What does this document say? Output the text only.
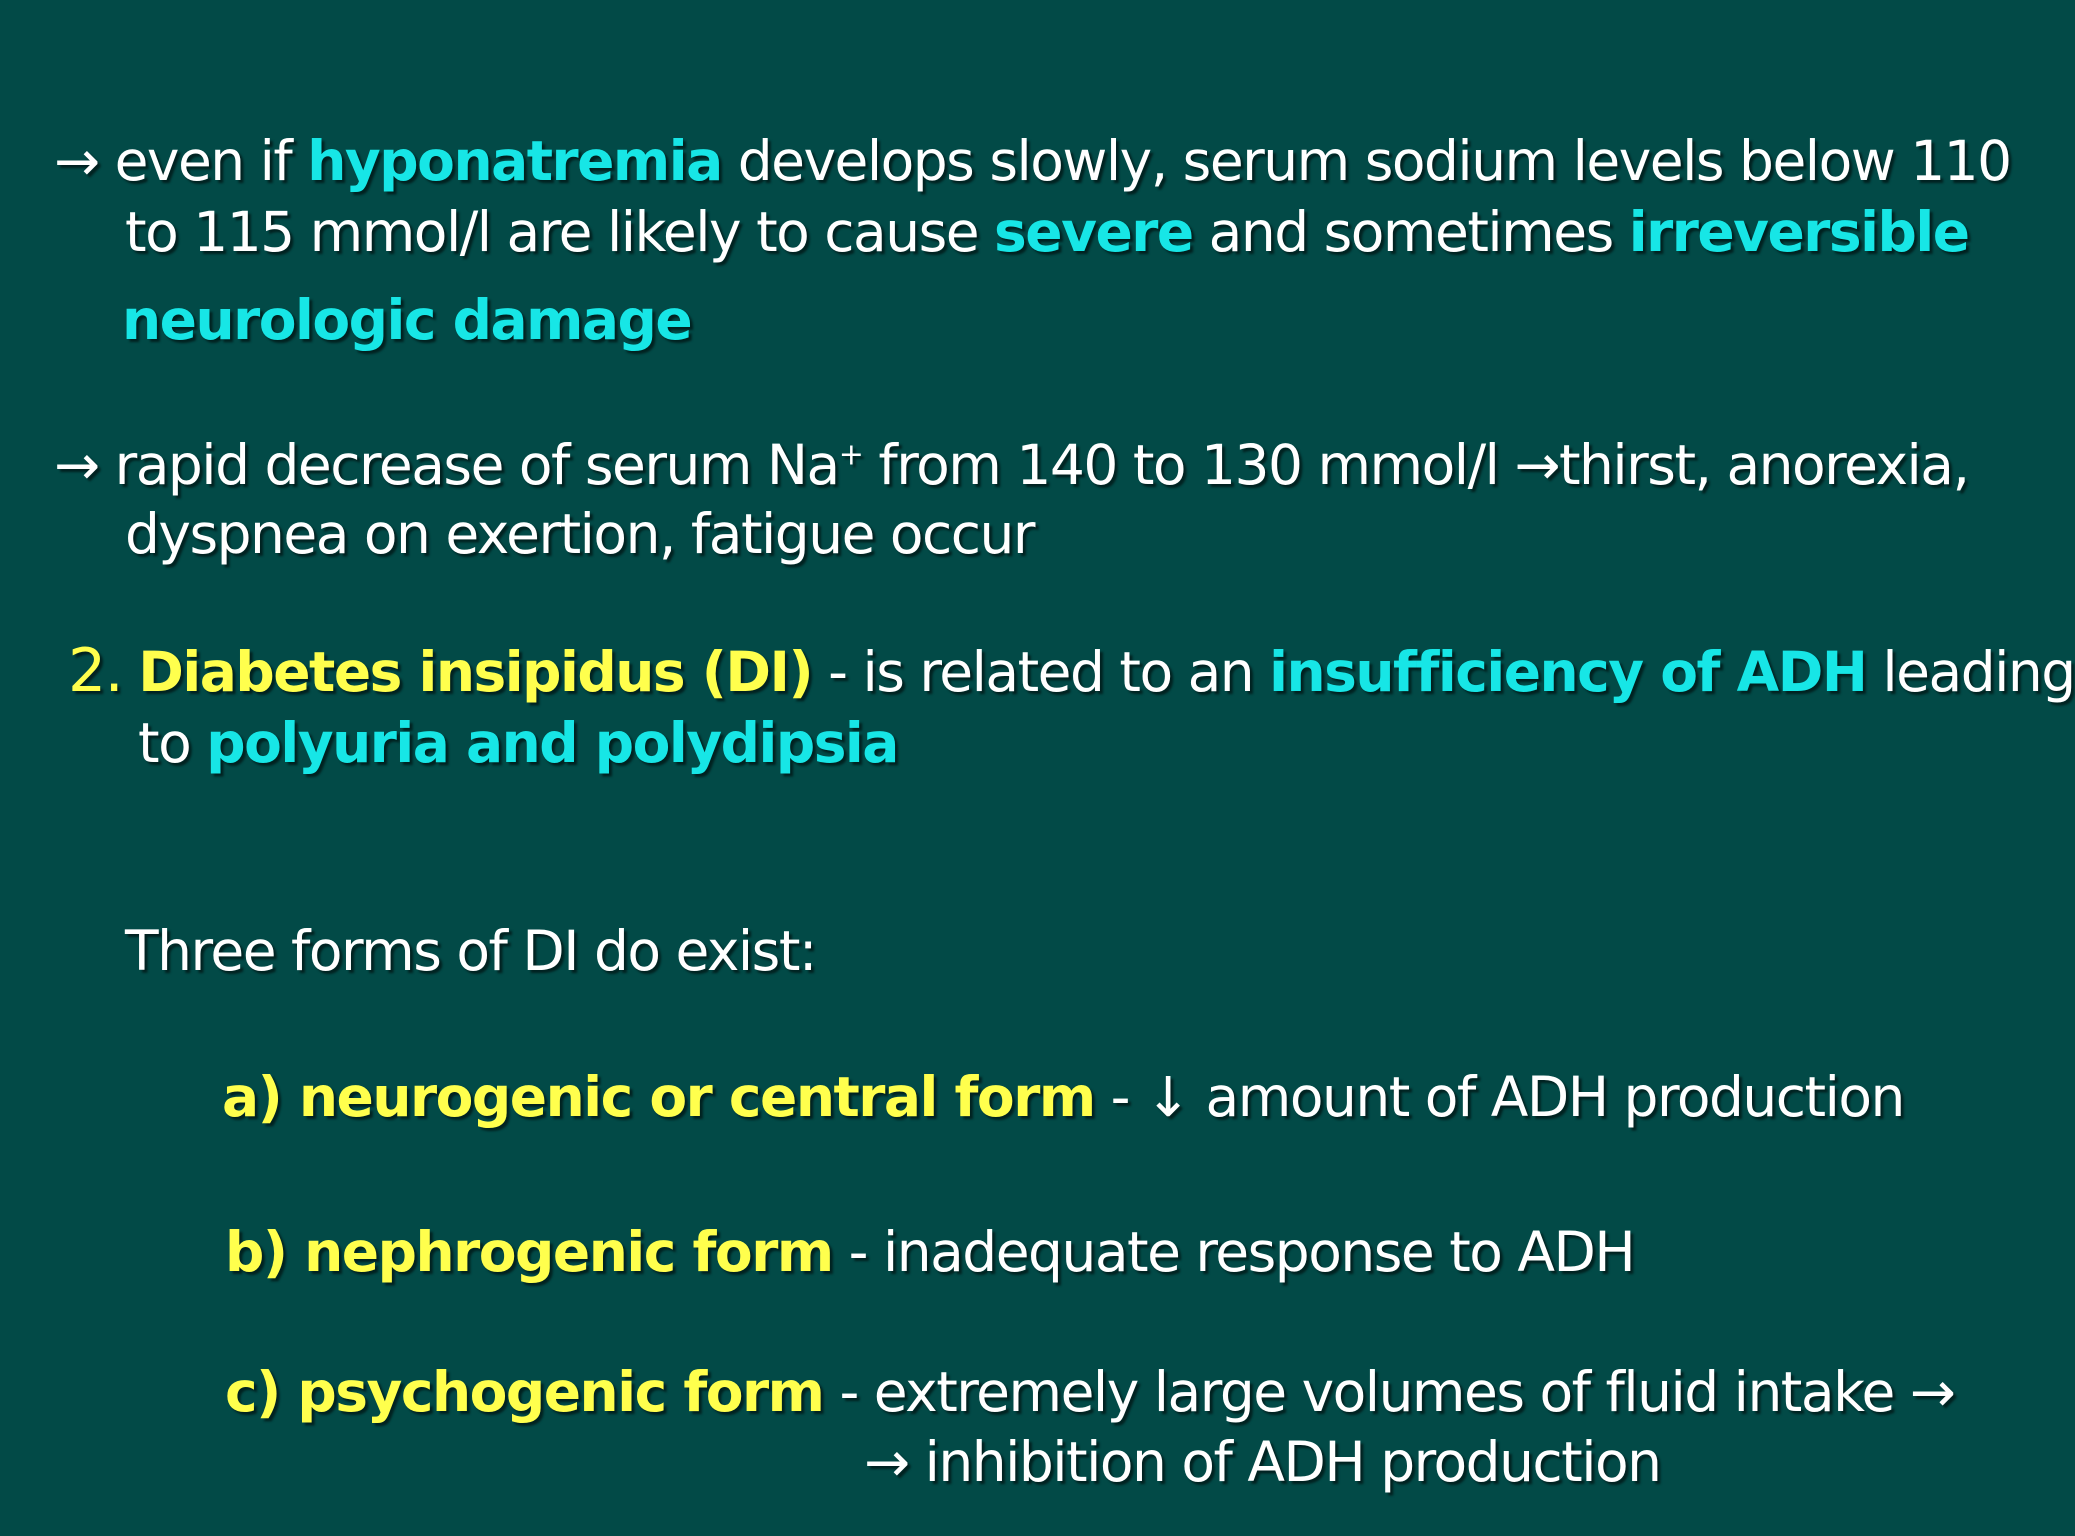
→ even if hyponatremia develops slowly, serum sodium levels below 110
to 115 mmol/l are likely to cause severe and sometimes irreversible
neurologic damage
→ rapid decrease of serum Na+ from 140 to 130 mmol/l →thirst, anorexia,
dyspnea on exertion, fatigue occur
2. Diabetes insipidus (DI) - is related to an insufficiency of ADH leading
to polyuria and polydipsia
Three forms of DI do exist:
a) neurogenic or central form - ↓ amount of ADH production
b) nephrogenic form - inadequate response to ADH
c) psychogenic form - extremely large volumes of fluid intake →
→ inhibition of ADH production
